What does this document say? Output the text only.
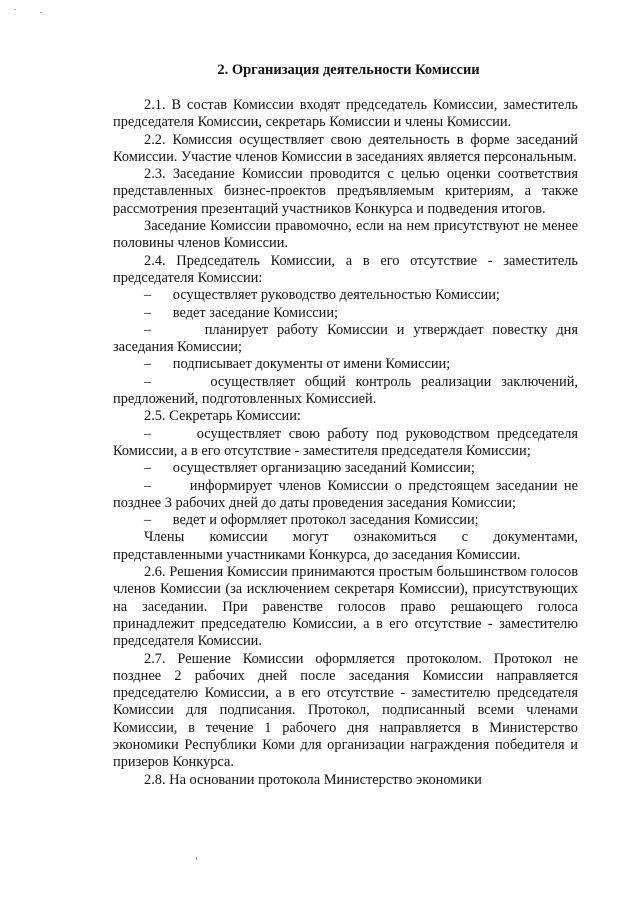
2. Организация деятельности Комиссии

2.1. В состав Комиссии входят председатель Комиссии, заместитель председателя Комиссии, секретарь Комиссии и члены Комиссии.

2.2. Комиссия осуществляет свою деятельность в форме заседаний Комиссии. Участие членов Комиссии в заседаниях является персональным.

2.3. Заседание Комиссии проводится с целью оценки соответствия представленных бизнес-проектов предъявляемым критериям, а также рассмотрения презентаций участников Конкурса и подведения итогов.

Заседание Комиссии правомочно, если на нем присутствуют не менее половины членов Комиссии.

2.4. Председатель Комиссии, а в его отсутствие - заместитель председателя Комиссии:

– осуществляет руководство деятельностью Комиссии;

– ведет заседание Комиссии;

–	планирует работу Комиссии и утверждает повестку дня заседания Комиссии;

– подписывает документы от имени Комиссии;

–	осуществляет общий контроль реализации заключений, предложений, подготовленных Комиссией.

2.5. Секретарь Комиссии:

–	осуществляет свою работу под руководством председателя Комиссии, а в его отсутствие - заместителя председателя Комиссии;

– осуществляет организацию заседаний Комиссии;

–	информирует членов Комиссии о предстоящем заседании не позднее 3 рабочих дней до даты проведения заседания Комиссии;

– ведет и оформляет протокол заседания Комиссии;

Члены комиссии могут ознакомиться с документами, представленными участниками Конкурса, до заседания Комиссии.

2.6. Решения Комиссии принимаются простым большинством голосов членов Комиссии (за исключением секретаря Комиссии), присутствующих на заседании. При равенстве голосов право решающего голоса принадлежит председателю Комиссии, а в его отсутствие - заместителю председателя Комиссии.

2.7. Решение Комиссии оформляется протоколом. Протокол не позднее 2 рабочих дней после заседания Комиссии направляется председателю Комиссии, а в его отсутствие - заместителю председателя Комиссии для подписания. Протокол, подписанный всеми членами Комиссии, в течение 1 рабочего дня направляется в Министерство экономики Республики Коми для организации награждения победителя и призеров Конкурса.

2.8. На основании протокола Министерство экономики
